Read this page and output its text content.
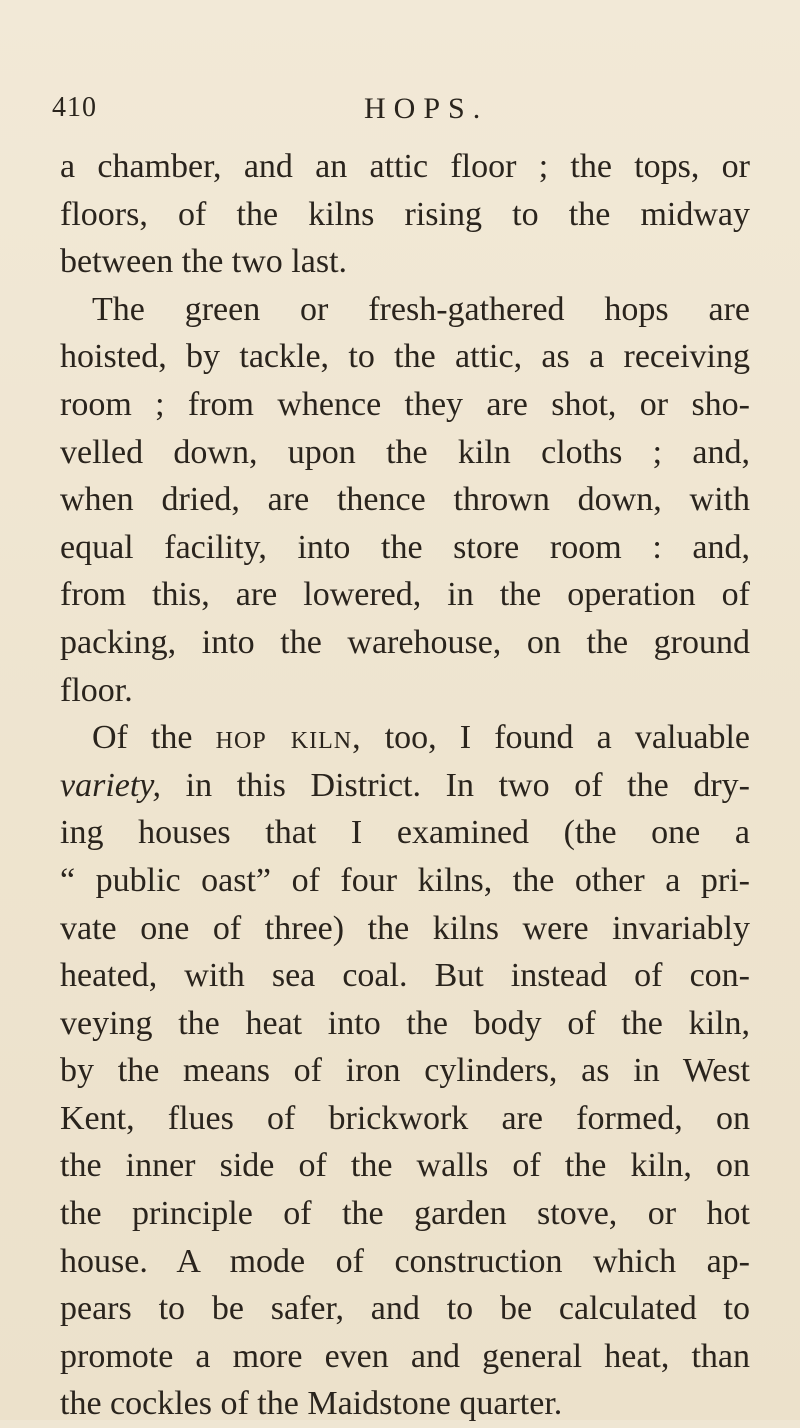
410	HOPS.
a chamber, and an attic floor ; the tops, or
floors, of the kilns rising to the midway
between the two last.
The green or fresh-gathered hops are
hoisted, by tackle, to the attic, as a receiving
room ; from whence they are shot, or sho-
velled down, upon the kiln cloths ; and,
when dried, are thence thrown down, with
equal facility, into the store room : and,
from this, are lowered, in the operation of
packing, into the warehouse, on the ground
floor.
Of the hop kiln, too, I found a valuable
variety, in this District. In two of the dry-
ing houses that I examined (the one a
“ public oast” of four kilns, the other a pri-
vate one of three) the kilns were invariably
heated, with sea coal. But instead of con-
veying the heat into the body of the kiln,
by the means of iron cylinders, as in West
Kent, flues of brickwork are formed, on
the inner side of the walls of the kiln, on
the principle of the garden stove, or hot
house. A mode of construction which ap-
pears to be safer, and to be calculated to
promote a more even and general heat, than
the cockles of the Maidstone quarter.
